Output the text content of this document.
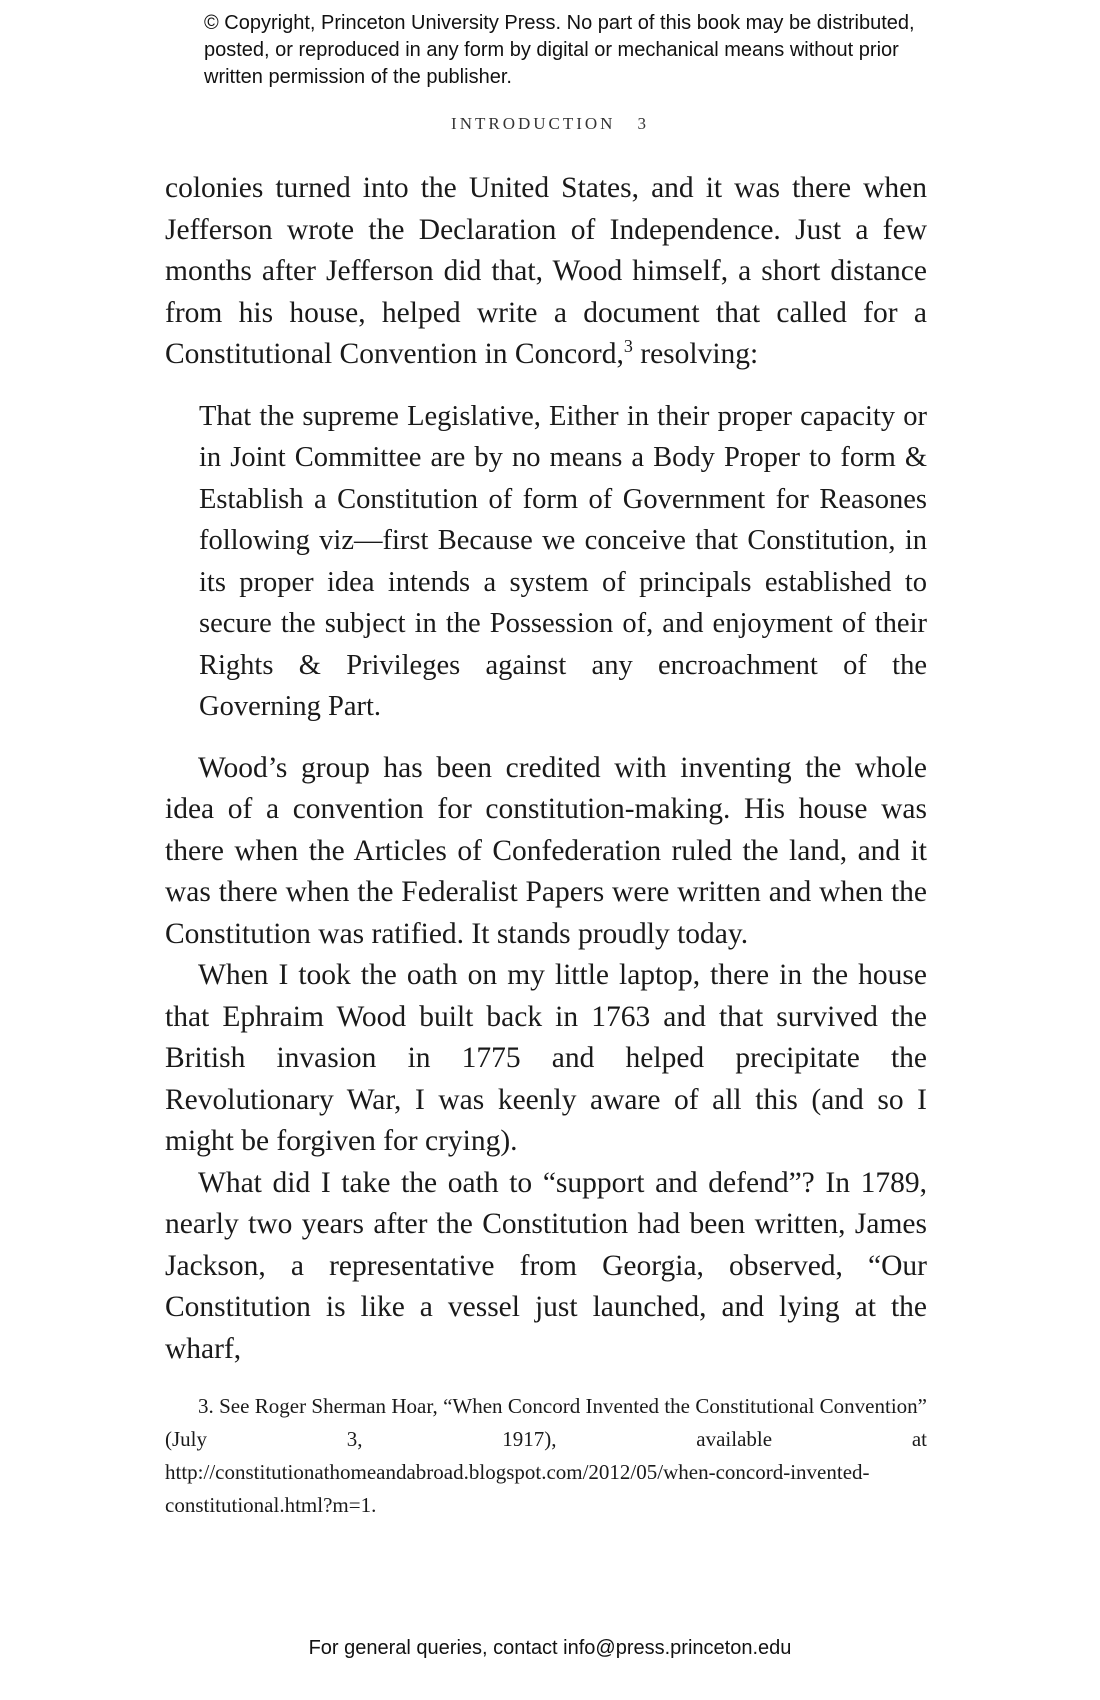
© Copyright, Princeton University Press. No part of this book may be distributed, posted, or reproduced in any form by digital or mechanical means without prior written permission of the publisher.

INTRODUCTION 3

colonies turned into the United States, and it was there when Jefferson wrote the Declaration of Independence. Just a few months after Jefferson did that, Wood himself, a short distance from his house, helped write a document that called for a Constitutional Convention in Concord,$^3$ resolving:

That the supreme Legislative, Either in their proper capacity or in Joint Committee are by no means a Body Proper to form & Establish a Constitution of form of Government for Reasones following viz—first Because we conceive that Constitution, in its proper idea intends a system of principals established to secure the subject in the Possession of, and enjoyment of their Rights & Privileges against any encroachment of the Governing Part.

Wood’s group has been credited with inventing the whole idea of a convention for constitution-making. His house was there when the Articles of Confederation ruled the land, and it was there when the Federalist Papers were written and when the Constitution was ratified. It stands proudly today.

When I took the oath on my little laptop, there in the house that Ephraim Wood built back in 1763 and that survived the British invasion in 1775 and helped precipitate the Revolutionary War, I was keenly aware of all this (and so I might be forgiven for crying).

What did I take the oath to “support and defend”? In 1789, nearly two years after the Constitution had been written, James Jackson, a representative from Georgia, observed, “Our Constitution is like a vessel just launched, and lying at the wharf,

3. See Roger Sherman Hoar, “When Concord Invented the Constitutional Convention” (July 3, 1917), available at http://constitutionathomeandabroad.blogspot.com/2012/05/when-concord-invented-constitutional.html?m=1.

For general queries, contact info@press.princeton.edu
